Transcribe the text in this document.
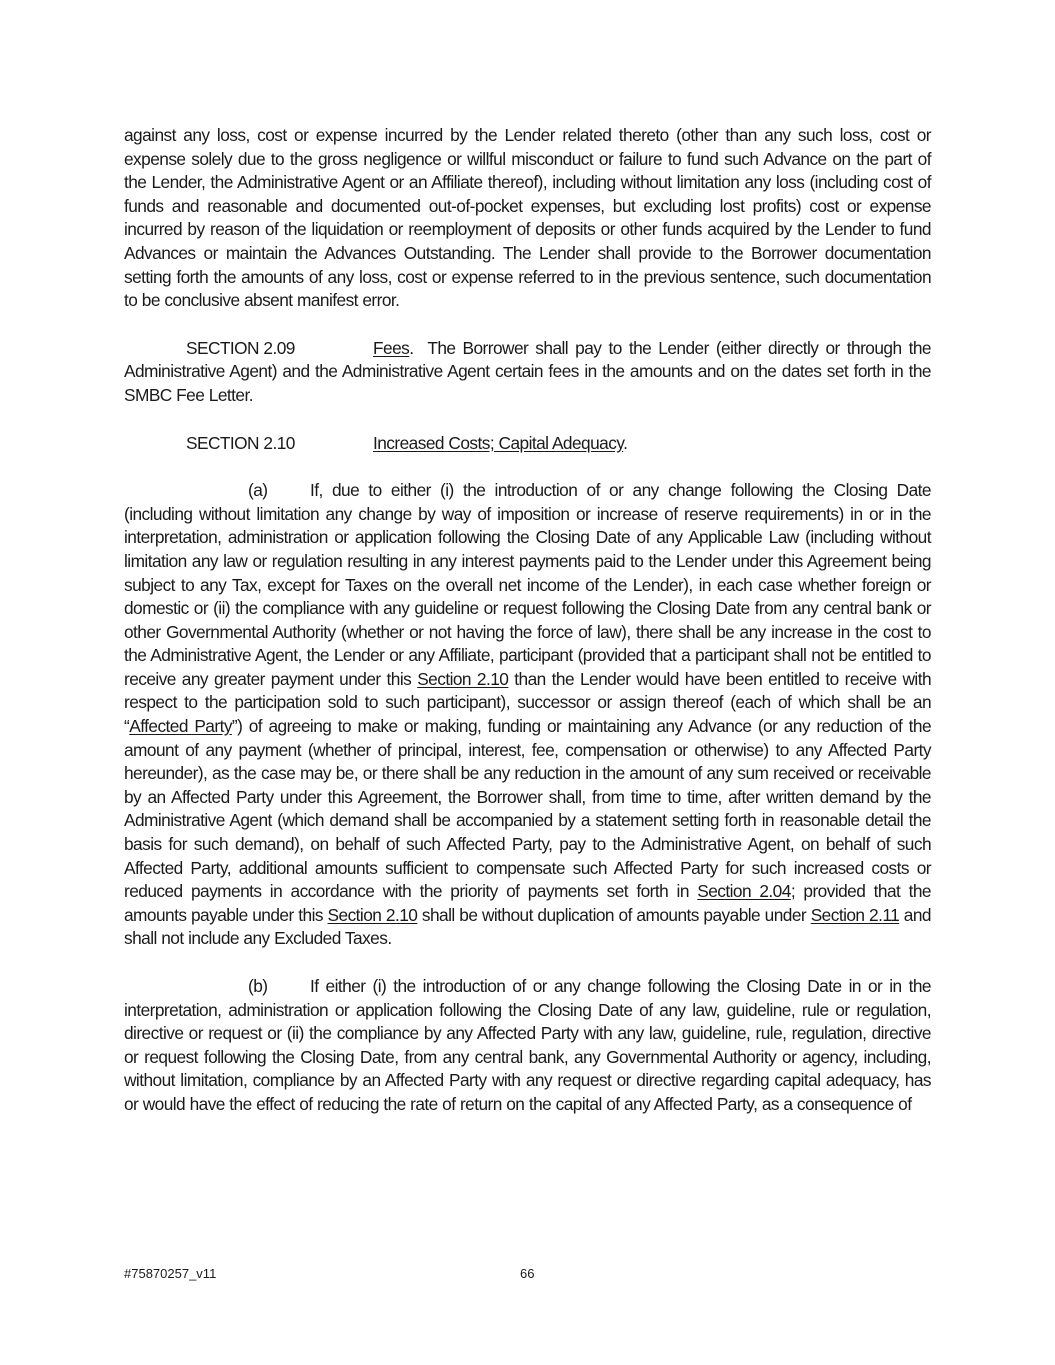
against any loss, cost or expense incurred by the Lender related thereto (other than any such loss, cost or expense solely due to the gross negligence or willful misconduct or failure to fund such Advance on the part of the Lender, the Administrative Agent or an Affiliate thereof), including without limitation any loss (including cost of funds and reasonable and documented out-of-pocket expenses, but excluding lost profits) cost or expense incurred by reason of the liquidation or reemployment of deposits or other funds acquired by the Lender to fund Advances or maintain the Advances Outstanding. The Lender shall provide to the Borrower documentation setting forth the amounts of any loss, cost or expense referred to in the previous sentence, such documentation to be conclusive absent manifest error.

SECTION 2.09	Fees.  The Borrower shall pay to the Lender (either directly or through the Administrative Agent) and the Administrative Agent certain fees in the amounts and on the dates set forth in the SMBC Fee Letter.

SECTION 2.10	Increased Costs; Capital Adequacy.

(a) If, due to either (i) the introduction of or any change following the Closing Date (including without limitation any change by way of imposition or increase of reserve requirements) in or in the interpretation, administration or application following the Closing Date of any Applicable Law (including without limitation any law or regulation resulting in any interest payments paid to the Lender under this Agreement being subject to any Tax, except for Taxes on the overall net income of the Lender), in each case whether foreign or domestic or (ii) the compliance with any guideline or request following the Closing Date from any central bank or other Governmental Authority (whether or not having the force of law), there shall be any increase in the cost to the Administrative Agent, the Lender or any Affiliate, participant (provided that a participant shall not be entitled to receive any greater payment under this Section 2.10 than the Lender would have been entitled to receive with respect to the participation sold to such participant), successor or assign thereof (each of which shall be an “Affected Party”) of agreeing to make or making, funding or maintaining any Advance (or any reduction of the amount of any payment (whether of principal, interest, fee, compensation or otherwise) to any Affected Party hereunder), as the case may be, or there shall be any reduction in the amount of any sum received or receivable by an Affected Party under this Agreement, the Borrower shall, from time to time, after written demand by the Administrative Agent (which demand shall be accompanied by a statement setting forth in reasonable detail the basis for such demand), on behalf of such Affected Party, pay to the Administrative Agent, on behalf of such Affected Party, additional amounts sufficient to compensate such Affected Party for such increased costs or reduced payments in accordance with the priority of payments set forth in Section 2.04; provided that the amounts payable under this Section 2.10 shall be without duplication of amounts payable under Section 2.11 and shall not include any Excluded Taxes.

(b) If either (i) the introduction of or any change following the Closing Date in or in the interpretation, administration or application following the Closing Date of any law, guideline, rule or regulation, directive or request or (ii) the compliance by any Affected Party with any law, guideline, rule, regulation, directive or request following the Closing Date, from any central bank, any Governmental Authority or agency, including, without limitation, compliance by an Affected Party with any request or directive regarding capital adequacy, has or would have the effect of reducing the rate of return on the capital of any Affected Party, as a consequence of

#75870257_v11	66
